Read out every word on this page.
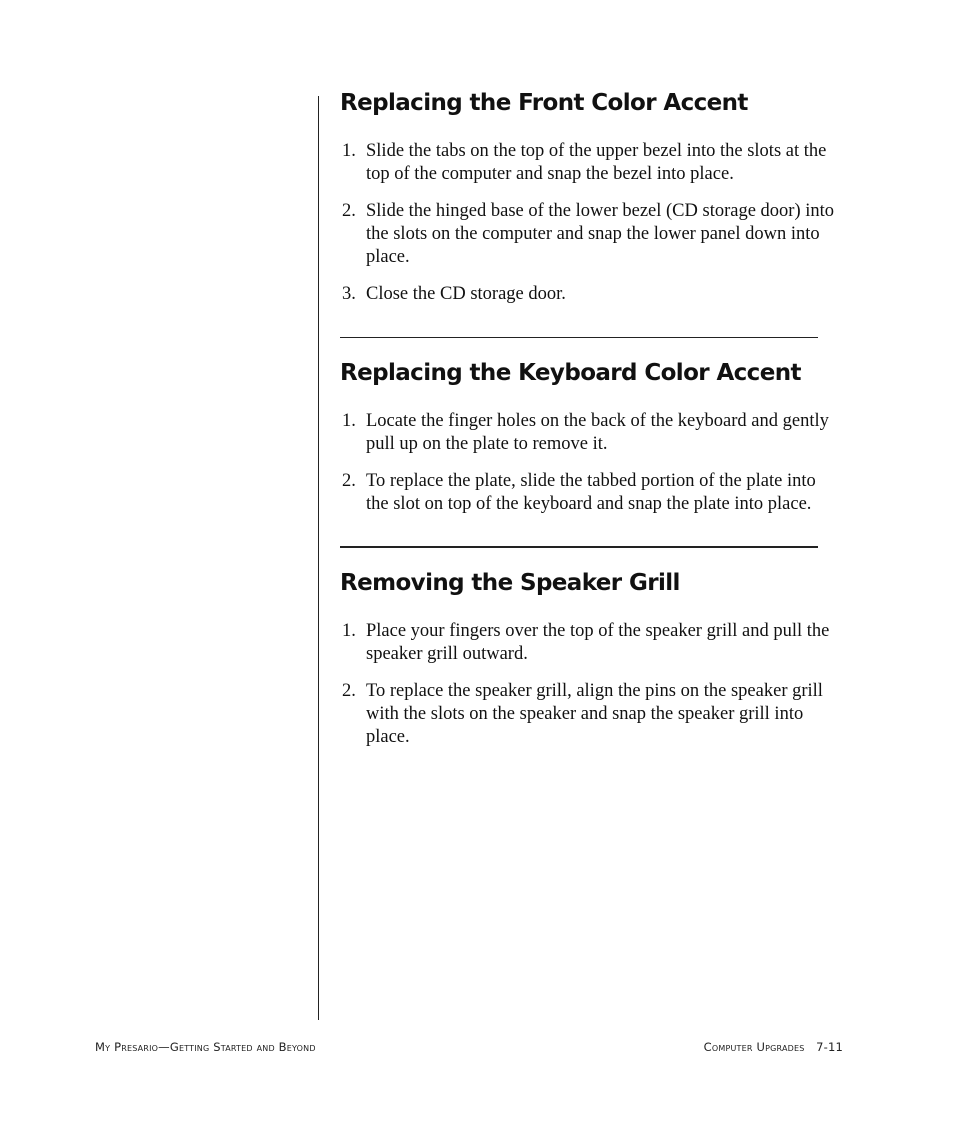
Replacing the Front Color Accent
1. Slide the tabs on the top of the upper bezel into the slots at the top of the computer and snap the bezel into place.
2. Slide the hinged base of the lower bezel (CD storage door) into the slots on the computer and snap the lower panel down into place.
3. Close the CD storage door.
Replacing the Keyboard Color Accent
1. Locate the finger holes on the back of the keyboard and gently pull up on the plate to remove it.
2. To replace the plate, slide the tabbed portion of the plate into the slot on top of the keyboard and snap the plate into place.
Removing the Speaker Grill
1. Place your fingers over the top of the speaker grill and pull the speaker grill outward.
2. To replace the speaker grill, align the pins on the speaker grill with the slots on the speaker and snap the speaker grill into place.
My Presario—Getting Started and Beyond	Computer Upgrades 7-11
